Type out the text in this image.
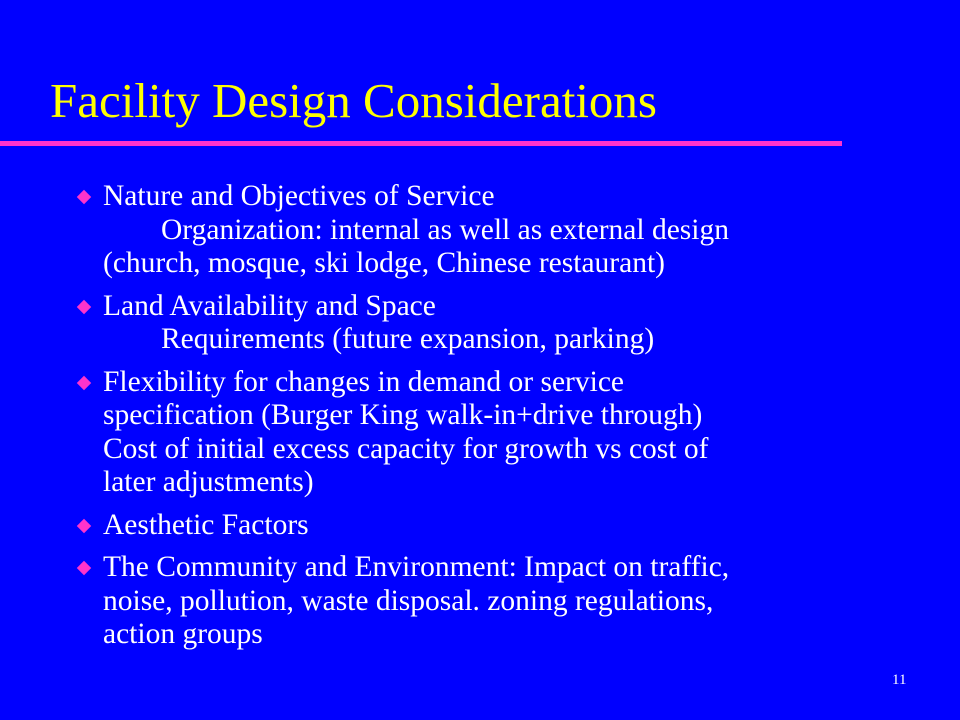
Facility Design Considerations
Nature and Objectives of Service
Organization: internal as well as external design
(church, mosque, ski lodge, Chinese restaurant)
Land Availability and Space
Requirements (future expansion, parking)
Flexibility for changes in demand or service
specification (Burger King walk-in+drive through)
Cost of initial excess capacity for growth vs cost of
later adjustments)
Aesthetic Factors
The Community and Environment: Impact on traffic,
noise, pollution, waste disposal. zoning regulations,
action groups
11
